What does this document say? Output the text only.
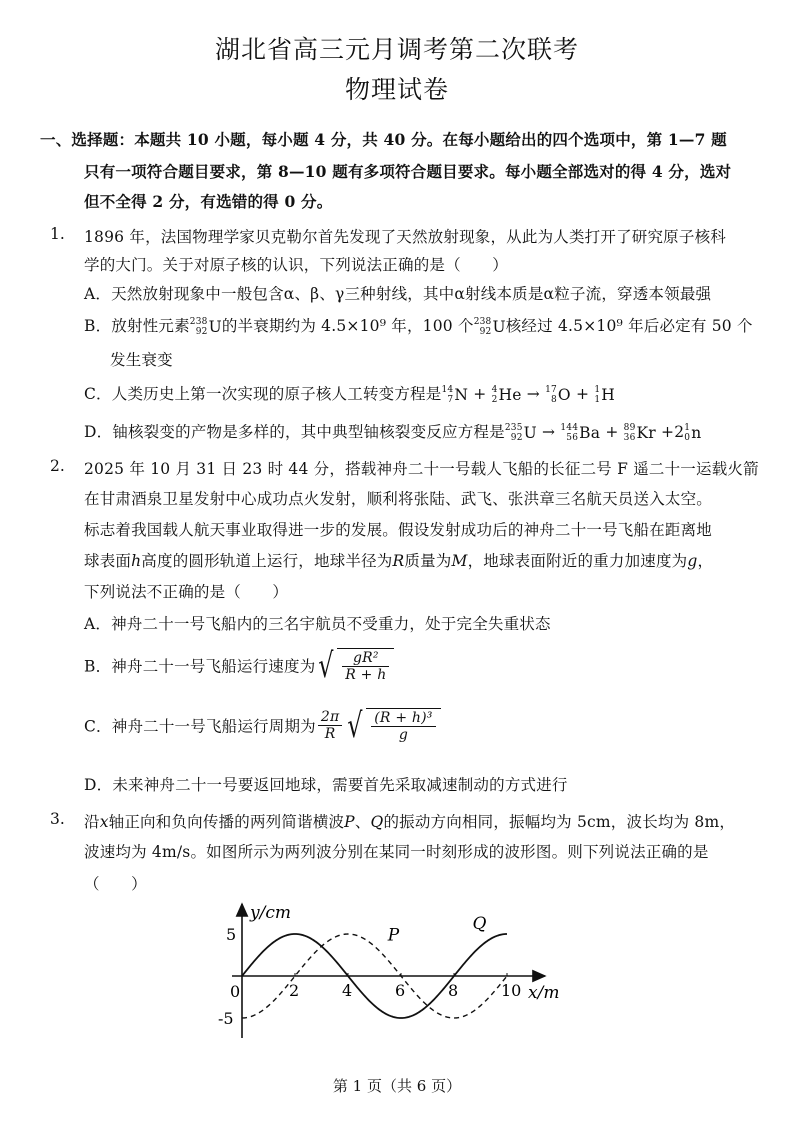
湖北省高三元月调考第二次联考
物理试卷
一、选择题：本题共 10 小题，每小题 4 分，共 40 分。在每小题给出的四个选项中，第 1—7 题
只有一项符合题目要求，第 8—10 题有多项符合题目要求。每小题全部选对的得 4 分，选对
但不全得 2 分，有选错的得 0 分。
1. 1896 年，法国物理学家贝克勒尔首先发现了天然放射现象，从此为人类打开了研究原子核科
学的大门。关于对原子核的认识，下列说法正确的是（　　）
A．天然放射现象中一般包含α、β、γ三种射线，其中α射线本质是α粒子流，穿透本领最强
B．放射性元素 238
92 U 的半衰期约为 4.5×10⁹ 年，100 个 238
92 U 核经过 4.5×10⁹ 年后必定有 50 个
发生衰变
C．人类历史上第一次实现的原子核人工转变方程是 14
7 N + 4
2 He → 17
8 O + 1
1 H
D．铀核裂变的产物是多样的，其中典型铀核裂变反应方程是 235
92 U → 144
56 Ba + 89
36 Kr +2 1
0 n
2. 2025 年 10 月 31 日 23 时 44 分，搭载神舟二十一号载人飞船的长征二号 F 遥二十一运载火箭
在甘肃酒泉卫星发射中心成功点火发射，顺利将张陆、武飞、张洪章三名航天员送入太空。
标志着我国载人航天事业取得进一步的发展。假设发射成功后的神舟二十一号飞船在距离地
球表面h高度的圆形轨道上运行，地球半径为R质量为M，地球表面附近的重力加速度为g，
下列说法不正确的是（　　）
A．神舟二十一号飞船内的三名宇航员不受重力，处于完全失重状态
B．神舟二十一号飞船运行速度为 √ $\frac{\text{gR²}}{R + h}$
C．神舟二十一号飞船运行周期为 $\frac{2\pi}{R}$ √ $\frac{\text{(R + h)³}}{g}$
D．未来神舟二十一号要返回地球，需要首先采取减速制动的方式进行
3. 沿x轴正向和负向传播的两列简谐横波P、Q的振动方向相同，振幅均为 5cm，波长均为 8m，
波速均为 4m/s。如图所示为两列波分别在某同一时刻形成的波形图。则下列说法正确的是
（　　）
y/cm
x/m
0	2	4	6	8	10
5
-5
P
Q
第 1 页（共 6 页）
